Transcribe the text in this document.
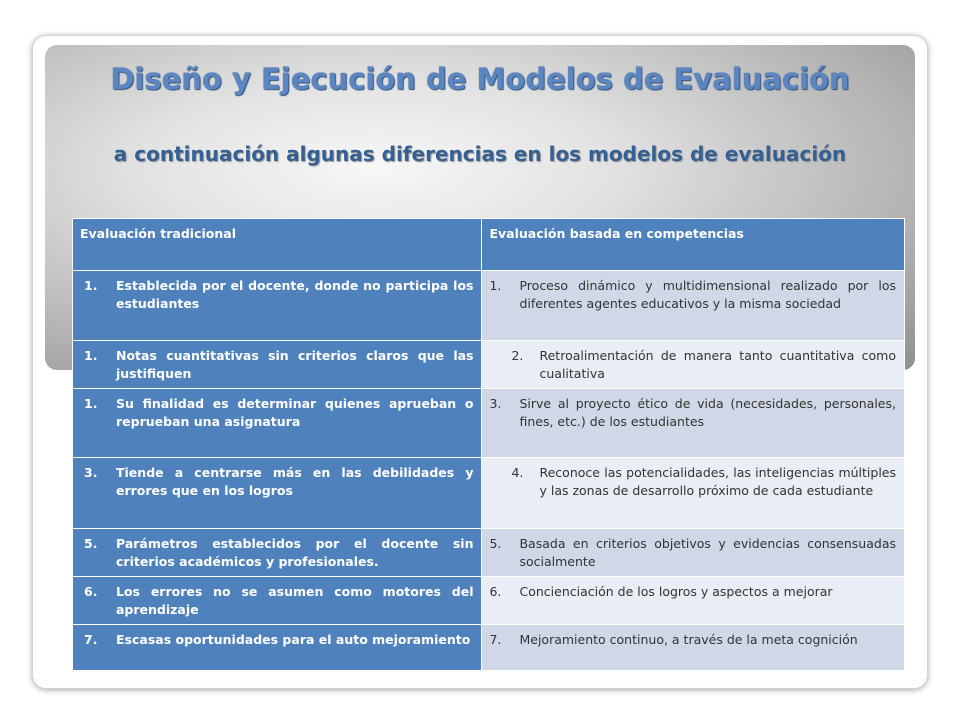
Diseño y Ejecución de Modelos de Evaluación
a continuación algunas diferencias en los modelos de evaluación
Evaluación tradicional	Evaluación basada en competencias

1. Establecida por el docente, donde no participa los estudiantes	1. Proceso dinámico y multidimensional realizado por los diferentes agentes educativos y la misma sociedad

1. Notas cuantitativas sin criterios claros que las justifiquen	2. Retroalimentación de manera tanto cuantitativa como cualitativa

1. Su finalidad es determinar quienes aprueban o reprueban una asignatura	3. Sirve al proyecto ético de vida (necesidades, personales, fines, etc.) de los estudiantes

3. Tiende a centrarse más en las debilidades y errores que en los logros	4. Reconoce las potencialidades, las inteligencias múltiples y las zonas de desarrollo próximo de cada estudiante

5. Parámetros establecidos por el docente sin criterios académicos y profesionales.	5. Basada en criterios objetivos y evidencias consensuadas socialmente

6. Los errores no se asumen como motores del aprendizaje	6. Concienciación de los logros y aspectos a mejorar

7. Escasas oportunidades para el auto mejoramiento	7. Mejoramiento continuo, a través de la meta cognición
